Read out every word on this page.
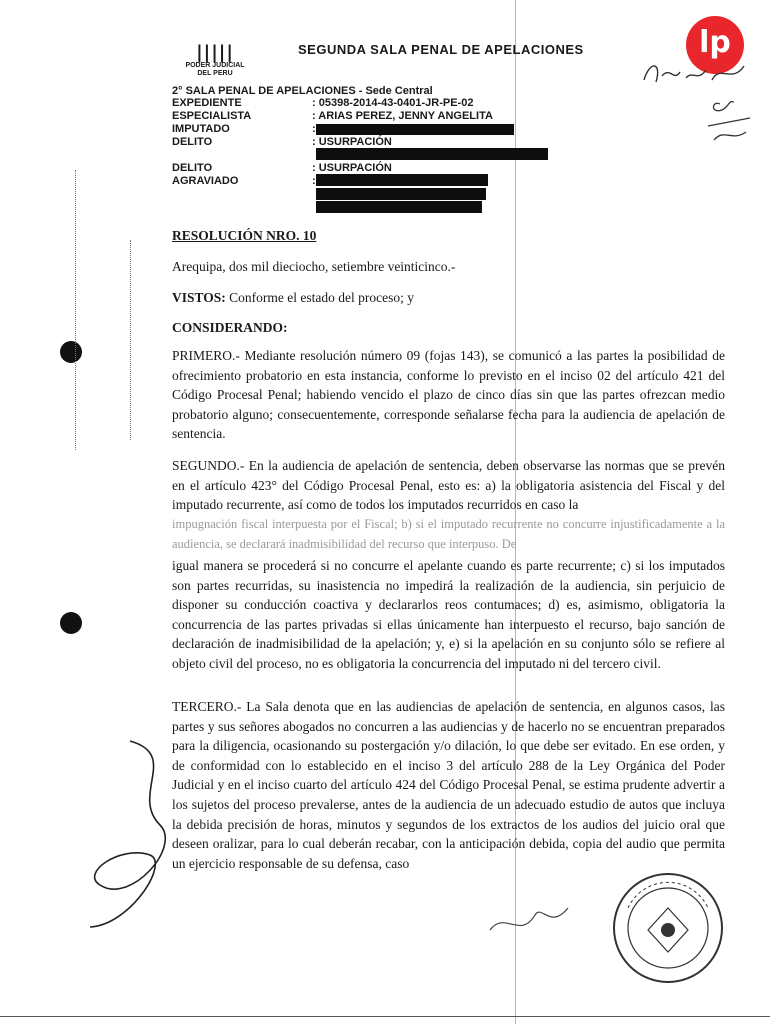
|||||
PODER JUDICIAL
DEL PERU
SEGUNDA SALA PENAL DE APELACIONES	lp
2° SALA PENAL DE APELACIONES - Sede Central
EXPEDIENTE	: 05398-2014-43-0401-JR-PE-02
ESPECIALISTA	: ARIAS PEREZ, JENNY ANGELITA
IMPUTADO	:
DELITO	: USURPACIÓN
DELITO	: USURPACIÓN
AGRAVIADO	:
RESOLUCIÓN NRO. 10
Arequipa, dos mil dieciocho, setiembre veinticinco.-
VISTOS: Conforme el estado del proceso; y
CONSIDERANDO:
PRIMERO.- Mediante resolución número 09 (fojas 143), se comunicó a las partes la posibilidad de ofrecimiento probatorio en esta instancia, conforme lo previsto en el inciso 02 del artículo 421 del Código Procesal Penal; habiendo vencido el plazo de cinco días sin que las partes ofrezcan medio probatorio alguno; consecuentemente, corresponde señalarse fecha para la audiencia de apelación de sentencia.
SEGUNDO.- En la audiencia de apelación de sentencia, deben observarse las normas que se prevén en el artículo 423° del Código Procesal Penal, esto es: a) la obligatoria asistencia del Fiscal y del imputado recurrente, así como de todos los imputados recurridos en caso la
impugnación fiscal interpuesta por el Fiscal; b) si el imputado recurrente no concurre injustificadamente a la audiencia, se declarará inadmisibilidad del recurso que interpuso. De
igual manera se procederá si no concurre el apelante cuando es parte recurrente; c) si los imputados son partes recurridas, su inasistencia no impedirá la realización de la audiencia, sin perjuicio de disponer su conducción coactiva y declararlos reos contumaces; d) es, asimismo, obligatoria la concurrencia de las partes privadas si ellas únicamente han interpuesto el recurso, bajo sanción de declaración de inadmisibilidad de la apelación; y, e) si la apelación en su conjunto sólo se refiere al objeto civil del proceso, no es obligatoria la concurrencia del imputado ni del tercero civil.
TERCERO.- La Sala denota que en las audiencias de apelación de sentencia, en algunos casos, las partes y sus señores abogados no concurren a las audiencias y de hacerlo no se encuentran preparados para la diligencia, ocasionando su postergación y/o dilación, lo que debe ser evitado. En ese orden, y de conformidad con lo establecido en el inciso 3 del artículo 288 de la Ley Orgánica del Poder Judicial y en el inciso cuarto del artículo 424 del Código Procesal Penal, se estima prudente advertir a los sujetos del proceso prevalerse, antes de la audiencia de un adecuado estudio de autos que incluya la debida precisión de horas, minutos y segundos de los extractos de los audios del juicio oral que deseen oralizar, para lo cual deberán recabar, con la anticipación debida, copia del audio que permita un ejercicio responsable de su defensa, caso
